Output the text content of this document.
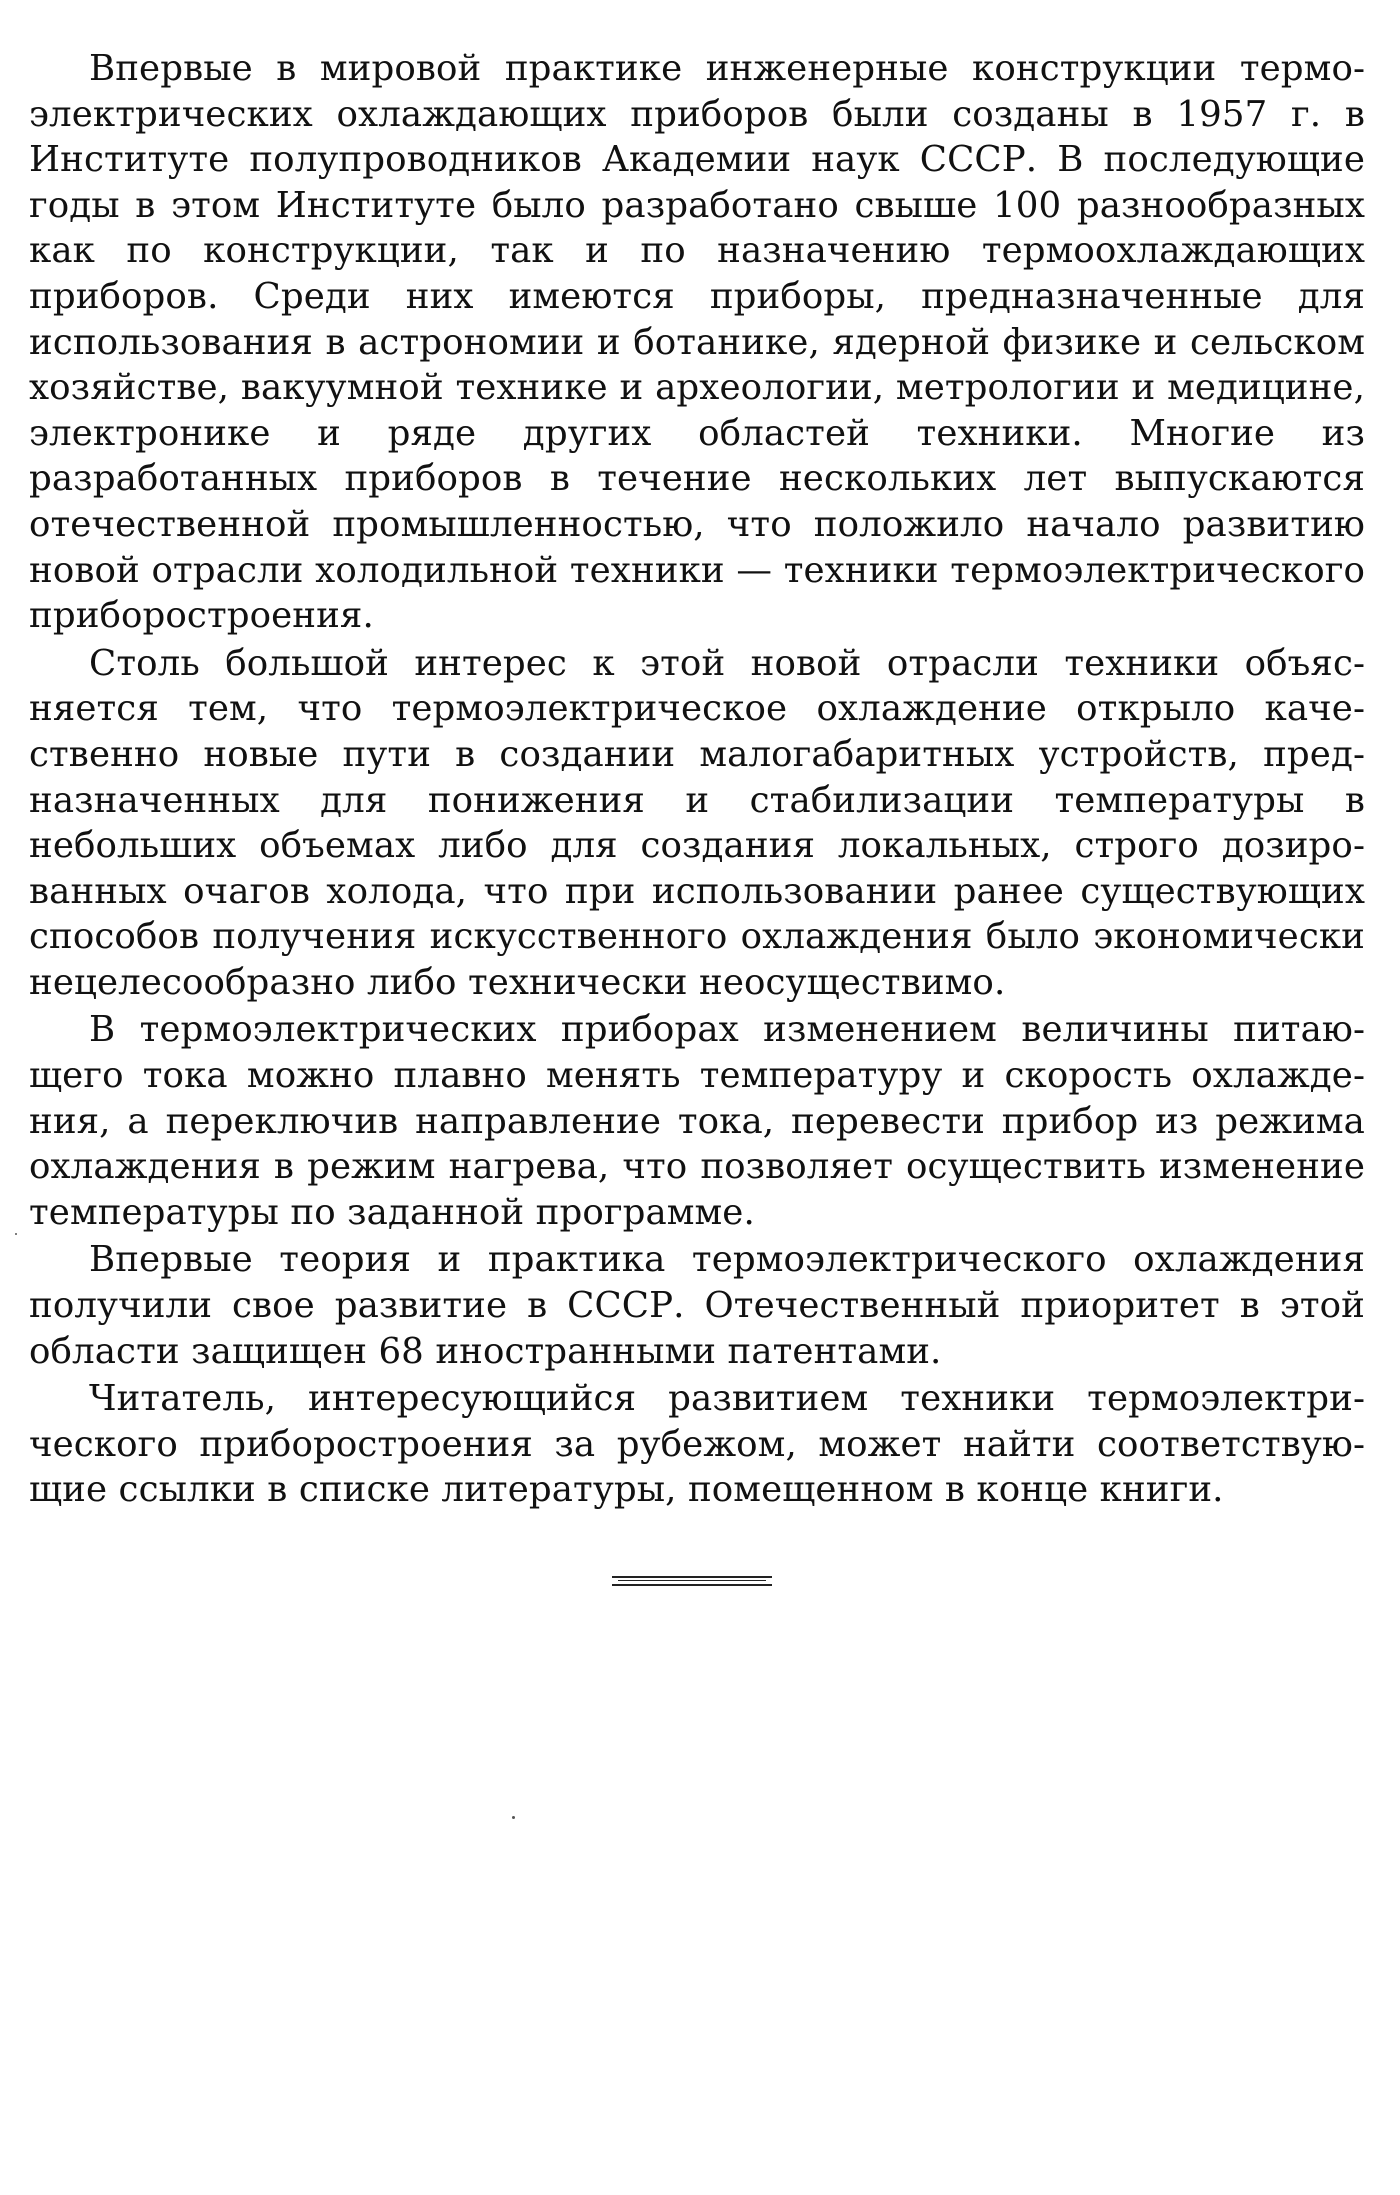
Впервые в мировой практике инженерные конструкции термоэлектрических охлаждающих приборов были созданы в 1957 г. в Институте полупроводников Академии наук СССР. В последующие годы в этом Институте было разработано свыше 100 разнообразных как по конструкции, так и по назначению термоохлаждающих приборов. Среди них имеются приборы, предназначенные для использования в астрономии и ботанике, ядерной физике и сельском хозяйстве, вакуумной технике и археологии, метрологии и медицине, электронике и ряде других областей техники. Многие из разработанных приборов в течение нескольких лет выпускаются отечественной промышленностью, что положило начало развитию новой отрасли холодильной техники — техники термоэлектрического приборостроения.

Столь большой интерес к этой новой отрасли техники объясняется тем, что термоэлектрическое охлаждение открыло качественно новые пути в создании малогабаритных устройств, предназначенных для понижения и стабилизации температуры в небольших объемах либо для создания локальных, строго дозированных очагов холода, что при использовании ранее существующих способов получения искусственного охлаждения было экономически нецелесообразно либо технически неосуществимо.

В термоэлектрических приборах изменением величины питающего тока можно плавно менять температуру и скорость охлаждения, а переключив направление тока, перевести прибор из режима охлаждения в режим нагрева, что позволяет осуществить изменение температуры по заданной программе.

Впервые теория и практика термоэлектрического охлаждения получили свое развитие в СССР. Отечественный приоритет в этой области защищен 68 иностранными патентами.

Читатель, интересующийся развитием техники термоэлектрического приборостроения за рубежом, может найти соответствующие ссылки в списке литературы, помещенном в конце книги.
